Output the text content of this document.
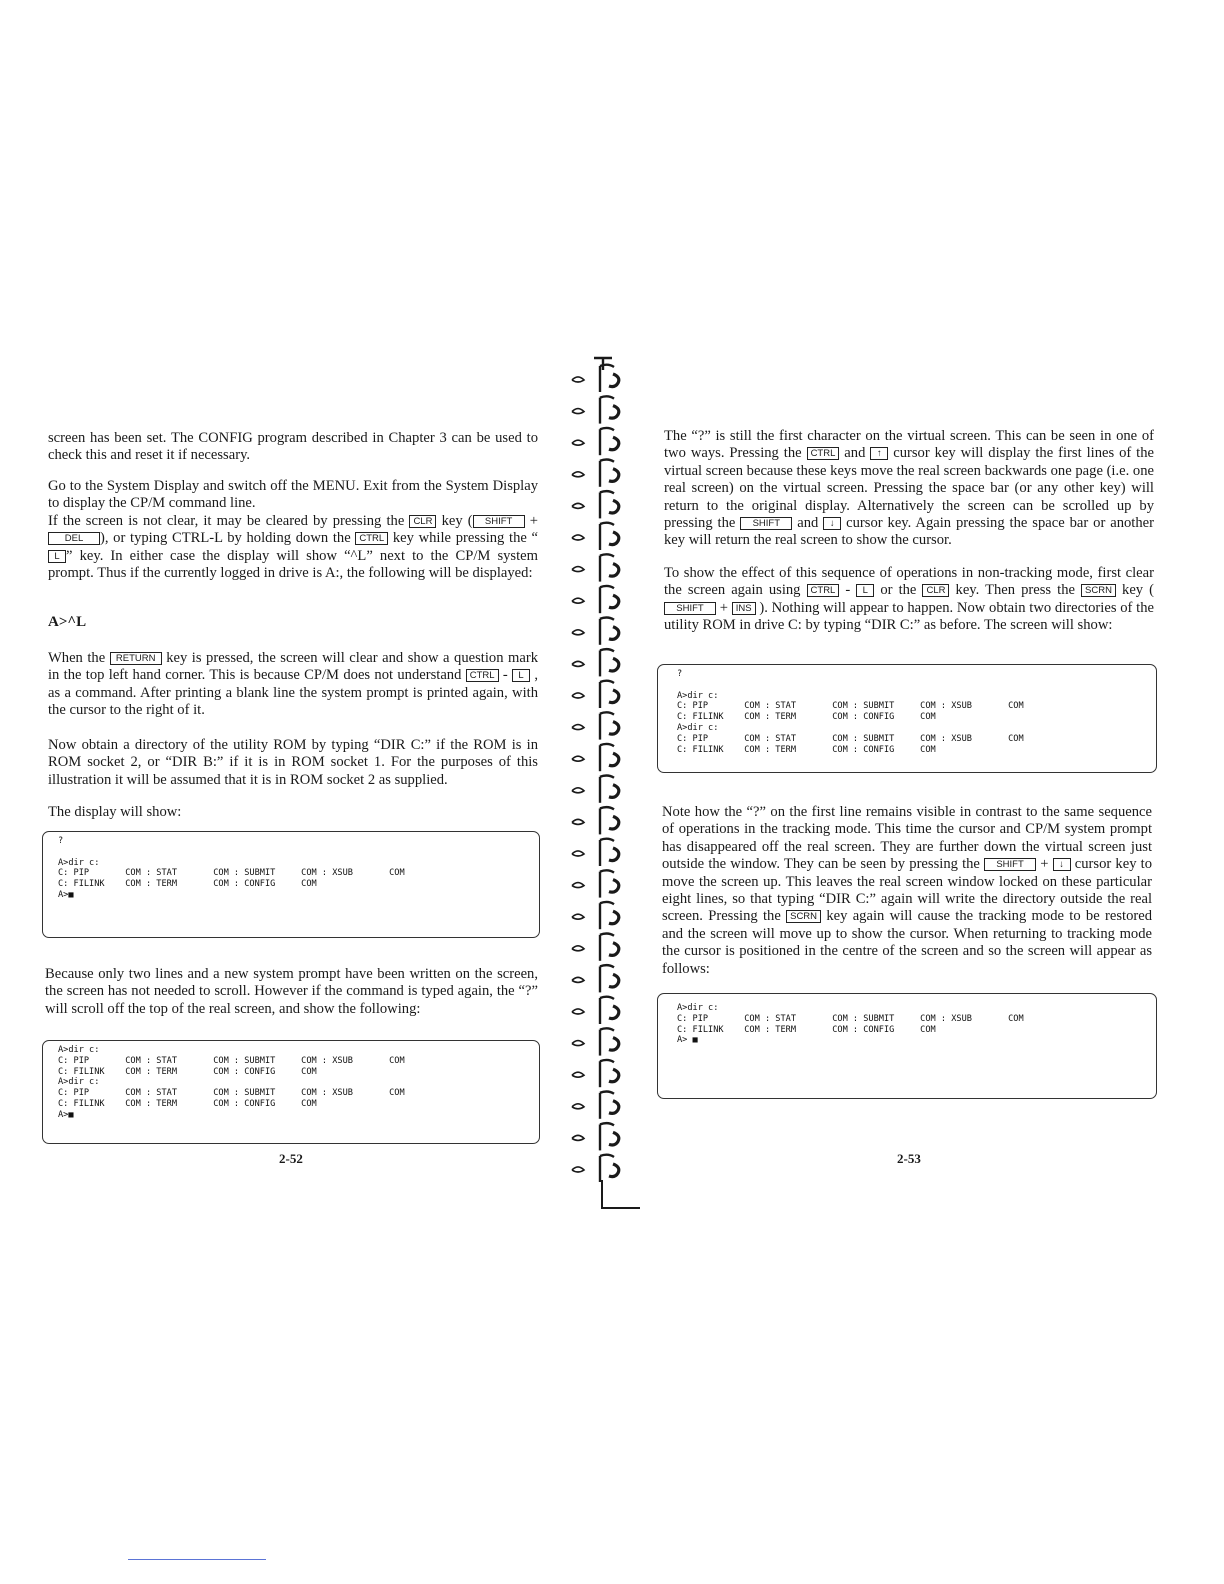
screen has been set. The CONFIG program described in Chapter 3 can be used to check this and reset it if necessary.

Go to the System Display and switch off the MENU. Exit from the System Display to display the CP/M command line.

If the screen is not clear, it may be cleared by pressing the CLR key ( SHIFT +DEL ), or typing CTRL-L by holding down the CTRL key while pressing the “L ” key. In either case the display will show “^L” next to the CP/M system prompt. Thus if the currently logged in drive is A:, the following will be displayed:

A>^L

When the RETURN key is pressed, the screen will clear and show a question mark in the top left hand corner. This is because CP/M does not understand CTRL - L , as a command. After printing a blank line the system prompt is printed again, with the cursor to the right of it.

Now obtain a directory of the utility ROM by typing “DIR C:” if the ROM is in ROM socket 2, or “DIR B:” if it is in ROM socket 1. For the purposes of this illustration it will be assumed that it is in ROM socket 2 as supplied.

The display will show:

?

A>dir c:
C: PIP       COM : STAT       COM : SUBMIT     COM : XSUB       COM
C: FILINK    COM : TERM       COM : CONFIG     COM
A>■

Because only two lines and a new system prompt have been written on the screen, the screen has not needed to scroll. However if the command is typed again, the “?” will scroll off the top of the real screen, and show the following:

A>dir c:
C: PIP       COM : STAT       COM : SUBMIT     COM : XSUB       COM
C: FILINK    COM : TERM       COM : CONFIG     COM
A>dir c:
C: PIP       COM : STAT       COM : SUBMIT     COM : XSUB       COM
C: FILINK    COM : TERM       COM : CONFIG     COM
A>■
2-52

The “?” is still the first character on the virtual screen. This can be seen in one of two ways. Pressing the CTRL and ↑ cursor key will display the first lines of the virtual screen because these keys move the real screen backwards one page (i.e. one real screen) on the virtual screen. Pressing the space bar (or any other key) will return to the original display. Alternatively the screen can be scrolled up by pressing the SHIFT and ↓ cursor key. Again pressing the space bar or another key will return the real screen to show the cursor.

To show the effect of this sequence of operations in non-tracking mode, first clear the screen again using CTRL - L or the CLR key. Then press the SCRN key ( SHIFT + INS ). Nothing will appear to happen. Now obtain two directories of the utility ROM in drive C: by typing “DIR C:” as before. The screen will show:

?

A>dir c:
C: PIP       COM : STAT       COM : SUBMIT     COM : XSUB       COM
C: FILINK    COM : TERM       COM : CONFIG     COM
A>dir c:
C: PIP       COM : STAT       COM : SUBMIT     COM : XSUB       COM
C: FILINK    COM : TERM       COM : CONFIG     COM

Note how the “?” on the first line remains visible in contrast to the same sequence of operations in the tracking mode. This time the cursor and CP/M system prompt has disappeared off the real screen. They are further down the virtual screen just outside the window. They can be seen by pressing the SHIFT + ↓ cursor key to move the screen up. This leaves the real screen window locked on these particular eight lines, so that typing “DIR C:” again will write the directory outside the real screen. Pressing the SCRN key again will cause the tracking mode to be restored and the screen will move up to show the cursor. When returning to tracking mode the cursor is positioned in the centre of the screen and so the screen will appear as follows:

A>dir c:
C: PIP       COM : STAT       COM : SUBMIT     COM : XSUB       COM
C: FILINK    COM : TERM       COM : CONFIG     COM
A> ■
2-53
